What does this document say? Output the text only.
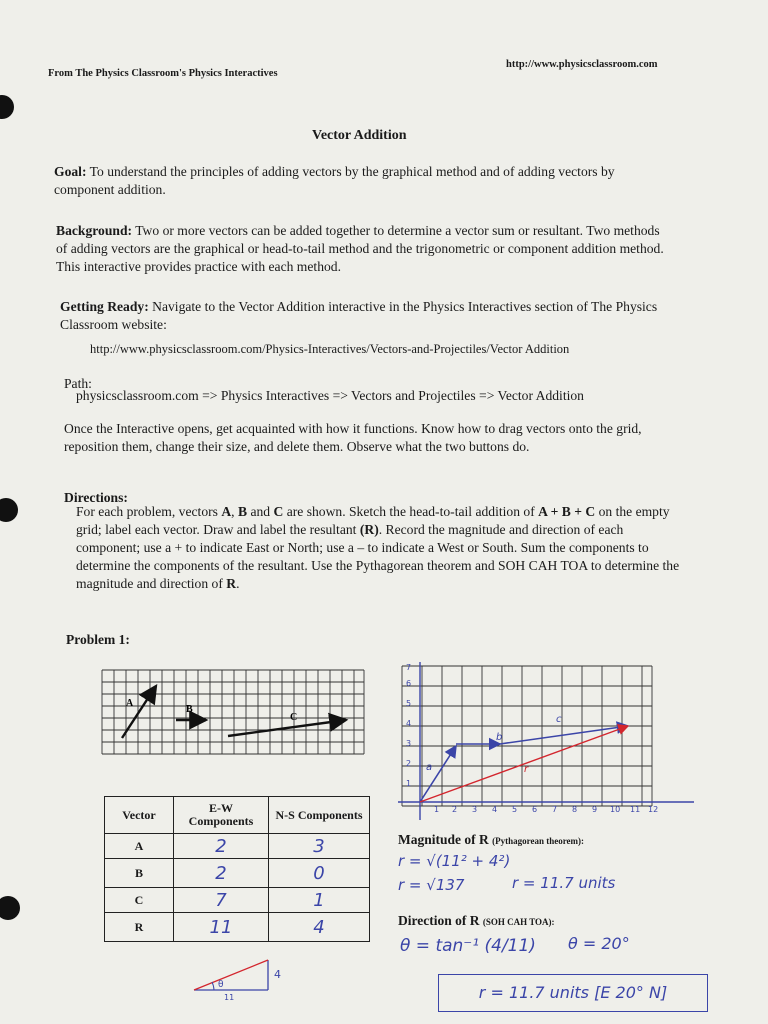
From The Physics Classroom's Physics Interactives
http://www.physicsclassroom.com
Vector Addition

Goal: To understand the principles of adding vectors by the graphical method and of adding vectors by component addition.

Background: Two or more vectors can be added together to determine a vector sum or resultant. Two methods of adding vectors are the graphical or head-to-tail method and the trigonometric or component addition method. This interactive provides practice with each method.

Getting Ready: Navigate to the Vector Addition interactive in the Physics Interactives section of The Physics Classroom website:

http://www.physicsclassroom.com/Physics-Interactives/Vectors-and-Projectiles/Vector Addition

Path:

physicsclassroom.com => Physics Interactives => Vectors and Projectiles => Vector Addition

Once the Interactive opens, get acquainted with how it functions. Know how to drag vectors onto the grid, reposition them, change their size, and delete them. Observe what the two buttons do.

Directions:

For each problem, vectors A, B and C are shown. Sketch the head-to-tail addition of A + B + C on the empty grid; label each vector. Draw and label the resultant (R). Record the magnitude and direction of each component; use a + to indicate East or North; use a – to indicate a West or South. Sum the components to determine the components of the resultant. Use the Pythagorean theorem and SOH CAH TOA to determine the magnitude and direction of R.

Problem 1:
A
B
C
1 2 3 4 5 6 7 8 9 10 11 12
1
2
3
4
5
6
7
a
b
c
r
Vector	E-W Components	N-S Components
A	2	3
B	2	0
C	7	1
R	11	4
Magnitude of R (Pythagorean theorem):
r = √(11² + 4²)
r = √137	r = 11.7 units
Direction of R (SOH CAH TOA):
θ = tan⁻¹ (4/11) θ = 20°
r = 11.7 units [E 20° N]
θ
4
11
